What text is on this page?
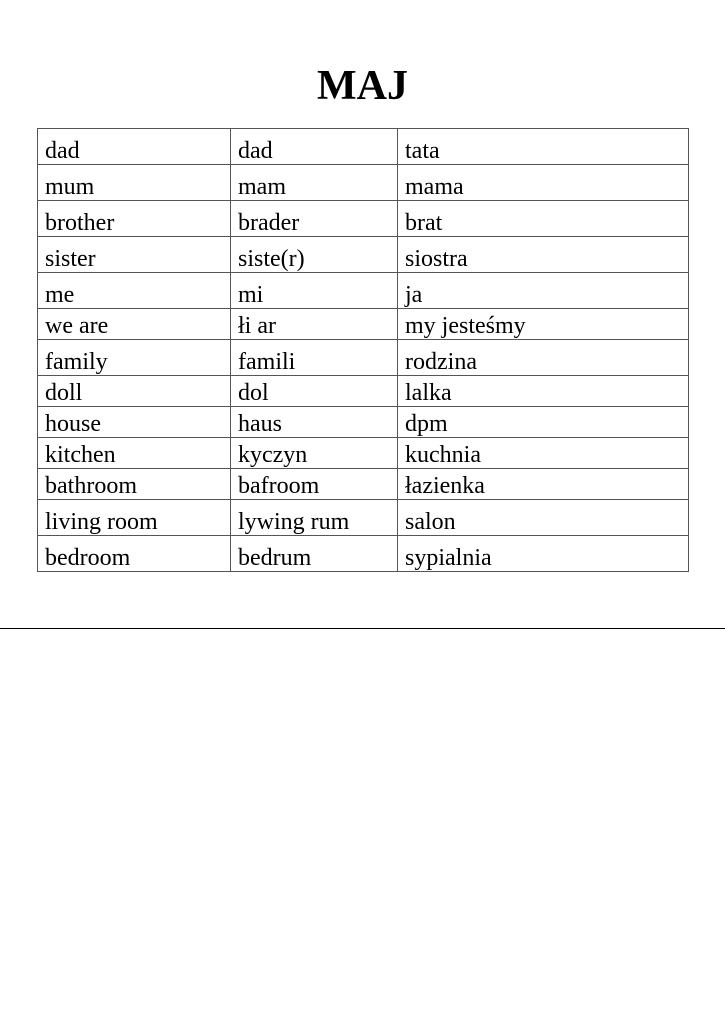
MAJ
dad	dad	tata
mum	mam	mama
brother	brader	brat
sister	siste(r)	siostra
me	mi	ja
we are	łi ar	my jesteśmy
family	famili	rodzina
doll	dol	lalka
house	haus	dpm
kitchen	kyczyn	kuchnia
bathroom	bafroom	łazienka
living room	lywing rum	salon
bedroom	bedrum	sypialnia
